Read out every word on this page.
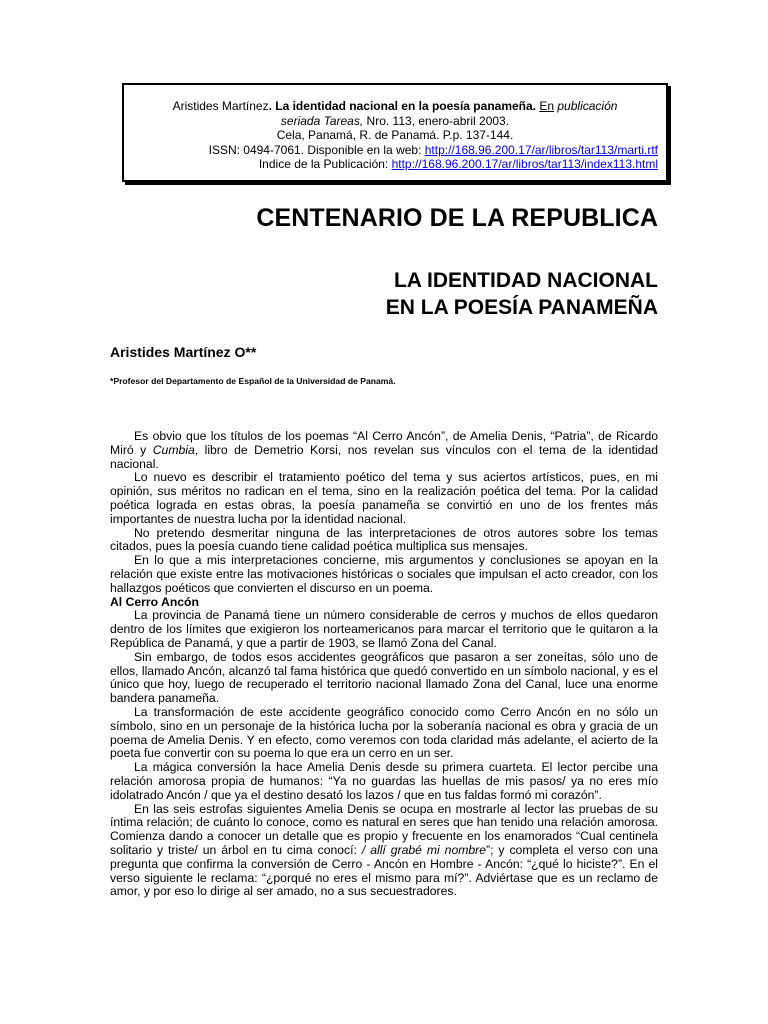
Aristides Martínez. La identidad nacional en la poesía panameña. En publicación
seriada Tareas, Nro. 113, enero-abril 2003.
Cela, Panamá, R. de Panamá. P.p. 137-144.
ISSN: 0494-7061. Disponible en la web: http://168.96.200.17/ar/libros/tar113/marti.rtf
Indice de la Publicación: http://168.96.200.17/ar/libros/tar113/index113.html
CENTENARIO DE LA REPUBLICA
LA IDENTIDAD NACIONAL
EN LA POESÍA PANAMEÑA
Aristides Martínez O**
*Profesor del Departamento de Español de la Universidad de Panamá.

Es obvio que los títulos de los poemas “Al Cerro Ancón”, de Amelia Denis, “Patria”, de Ricardo Miró y Cumbia, libro de Demetrio Korsi, nos revelan sus vínculos con el tema de la identidad nacional.

Lo nuevo es describir el tratamiento poético del tema y sus aciertos artísticos, pues, en mi opinión, sus méritos no radican en el tema, sino en la realización poética del tema. Por la calidad poética lograda en estas obras, la poesía panameña se convirtió en uno de los frentes más importantes de nuestra lucha por la identidad nacional.

No pretendo desmeritar ninguna de las interpretaciones de otros autores sobre los temas citados, pues la poesía cuando tiene calidad poética multiplica sus mensajes.

En lo que a mis interpretaciones concierne, mis argumentos y conclusiones se apoyan en la relación que existe entre las motivaciones históricas o sociales que impulsan el acto creador, con los hallazgos poéticos que convierten el discurso en un poema.

Al Cerro Ancón

La provincia de Panamá tiene un número considerable de cerros y muchos de ellos quedaron dentro de los límites que exigieron los norteamericanos para marcar el territorio que le quitaron a la República de Panamá, y que a partir de 1903, se llamó Zona del Canal.

Sin embargo, de todos esos accidentes geográficos que pasaron a ser zoneítas, sólo uno de ellos, llamado Ancón, alcanzó tal fama histórica que quedó convertido en un símbolo nacional, y es el único que hoy, luego de recuperado el territorio nacional llamado Zona del Canal, luce una enorme bandera panameña.

La transformación de este accidente geográfico conocido como Cerro Ancón en no sólo un símbolo, sino en un personaje de la histórica lucha por la soberanía nacional es obra y gracia de un poema de Amelia Denis. Y en efecto, como veremos con toda claridad más adelante, el acierto de la poeta fue convertir con su poema lo que era un cerro en un ser.

La mágica conversión la hace Amelia Denis desde su primera cuarteta. El lector percibe una relación amorosa propia de humanos: “Ya no guardas las huellas de mis pasos/ ya no eres mío idolatrado Ancón / que ya el destino desató los lazos / que en tus faldas formó mi corazón”.

En las seis estrofas siguientes Amelia Denis se ocupa en mostrarle al lector las pruebas de su íntima relación; de cuánto lo conoce, como es natural en seres que han tenido una relación amorosa. Comienza dando a conocer un detalle que es propio y frecuente en los enamorados “Cual centinela solitario y triste/ un árbol en tu cima conocí: / allí grabé mi nombre”; y completa el verso con una pregunta que confirma la conversión de Cerro - Ancón en Hombre - Ancón: “¿qué lo hiciste?”. En el verso siguiente le reclama: “¿porqué no eres el mismo para mí?”. Adviértase que es un reclamo de amor, y por eso lo dirige al ser amado, no a sus secuestradores.
